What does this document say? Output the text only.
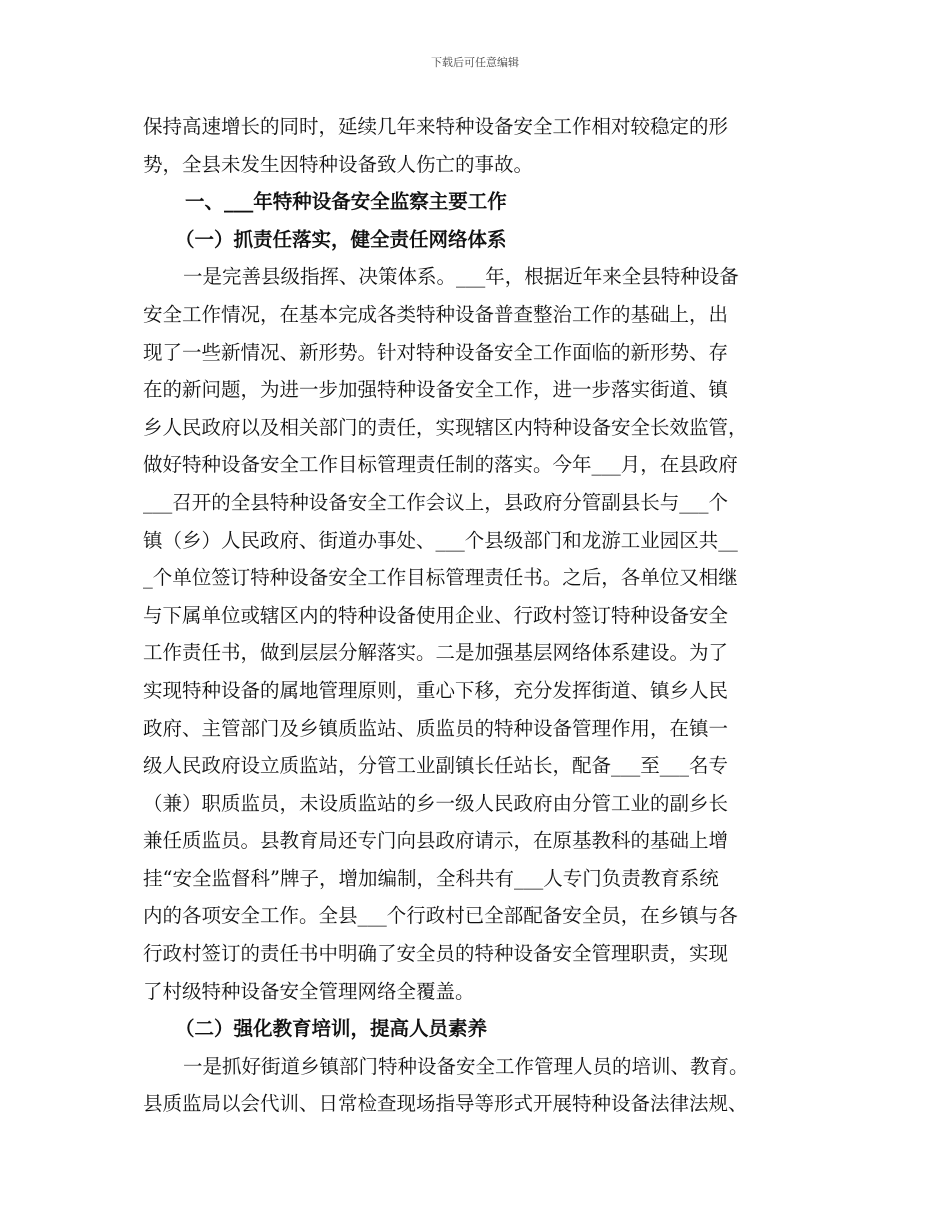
下载后可任意编辑
保持高速增长的同时，延续几年来特种设备安全工作相对较稳定的形
势，全县未发生因特种设备致人伤亡的事故。
一、___年特种设备安全监察主要工作
（一）抓责任落实，健全责任网络体系
一是完善县级指挥、决策体系。___年，根据近年来全县特种设备
安全工作情况，在基本完成各类特种设备普查整治工作的基础上，出
现了一些新情况、新形势。针对特种设备安全工作面临的新形势、存
在的新问题，为进一步加强特种设备安全工作，进一步落实街道、镇
乡人民政府以及相关部门的责任，实现辖区内特种设备安全长效监管，
做好特种设备安全工作目标管理责任制的落实。今年___月，在县政府
___召开的全县特种设备安全工作会议上，县政府分管副县长与___个
镇（乡）人民政府、街道办事处、___个县级部门和龙游工业园区共__
_个单位签订特种设备安全工作目标管理责任书。之后，各单位又相继
与下属单位或辖区内的特种设备使用企业、行政村签订特种设备安全
工作责任书，做到层层分解落实。二是加强基层网络体系建设。为了
实现特种设备的属地管理原则，重心下移，充分发挥街道、镇乡人民
政府、主管部门及乡镇质监站、质监员的特种设备管理作用，在镇一
级人民政府设立质监站，分管工业副镇长任站长，配备___至___名专
（兼）职质监员，未设质监站的乡一级人民政府由分管工业的副乡长
兼任质监员。县教育局还专门向县政府请示，在原基教科的基础上增
挂“安全监督科”牌子，增加编制，全科共有___人专门负责教育系统
内的各项安全工作。全县___个行政村已全部配备安全员，在乡镇与各
行政村签订的责任书中明确了安全员的特种设备安全管理职责，实现
了村级特种设备安全管理网络全覆盖。
（二）强化教育培训，提高人员素养
一是抓好街道乡镇部门特种设备安全工作管理人员的培训、教育。
县质监局以会代训、日常检查现场指导等形式开展特种设备法律法规、
